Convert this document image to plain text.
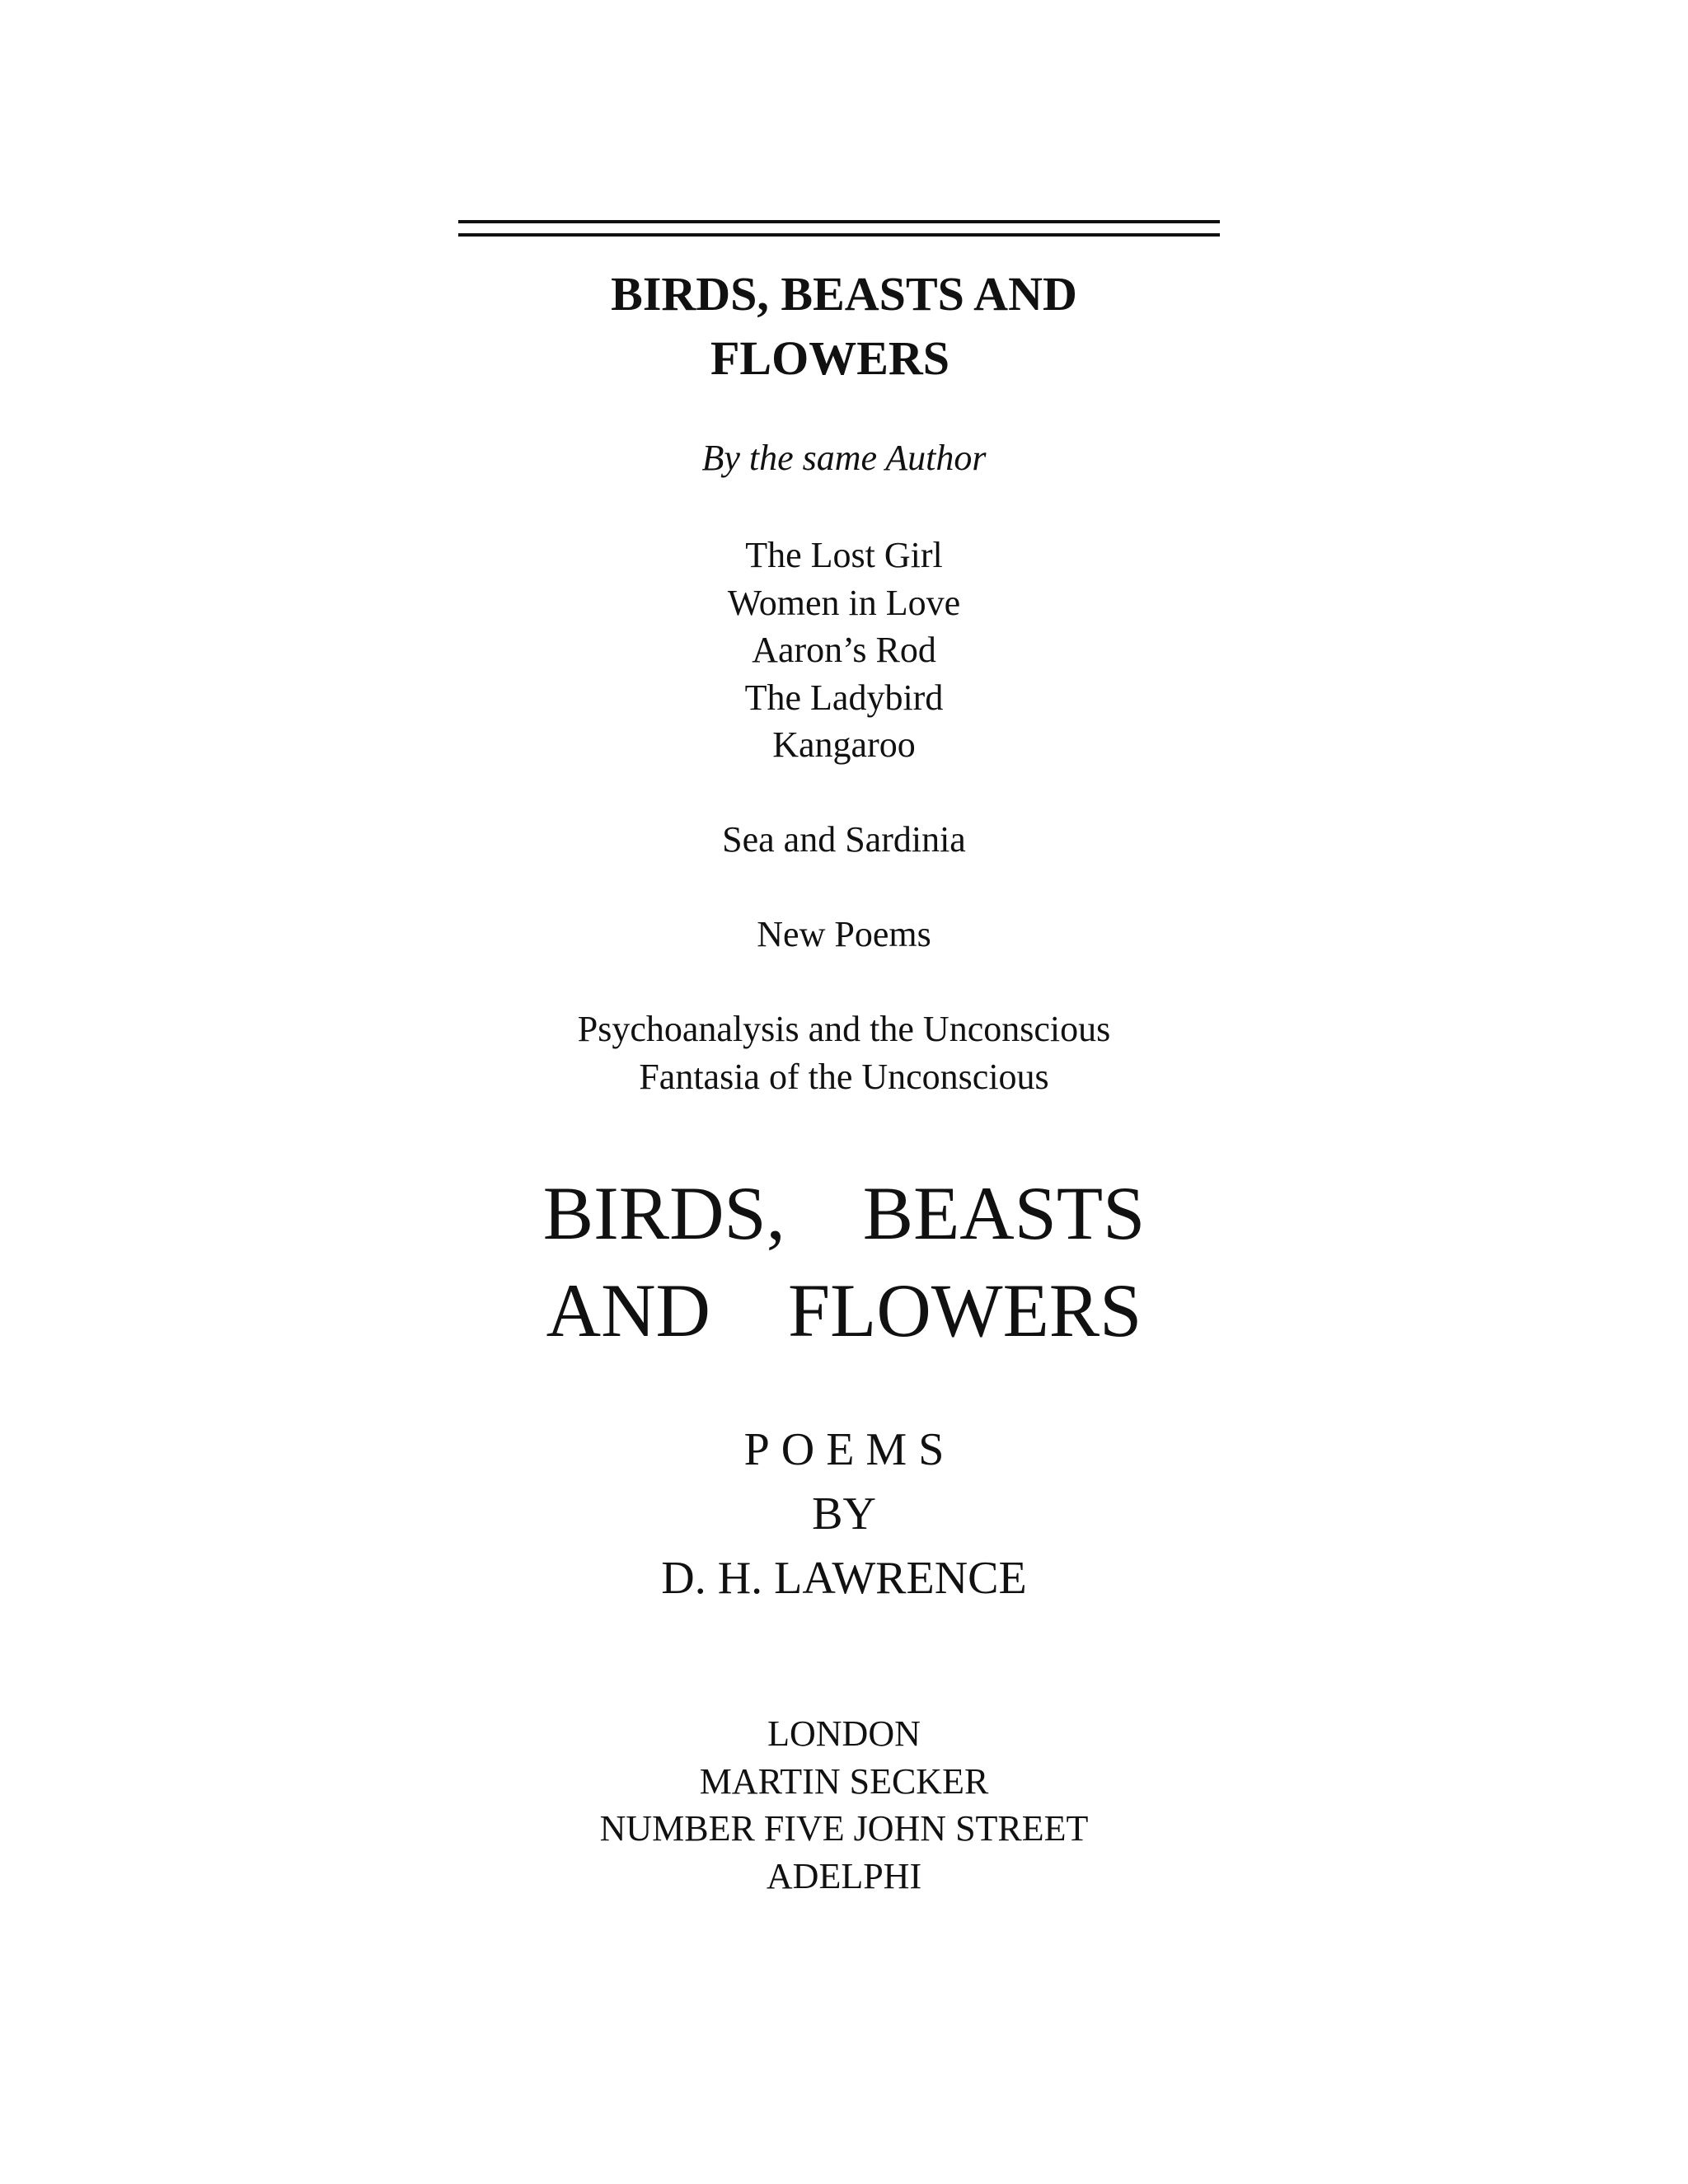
BIRDS, BEASTS AND
FLOWERS
By the same Author
The Lost Girl
Women in Love
Aaron’s Rod
The Ladybird
Kangaroo
Sea and Sardinia
New Poems
Psychoanalysis and the Unconscious
Fantasia of the Unconscious
BIRDS,  BEASTS
AND  FLOWERS
POEMS
BY
D. H. LAWRENCE
LONDON
MARTIN SECKER
NUMBER FIVE JOHN STREET
ADELPHI
